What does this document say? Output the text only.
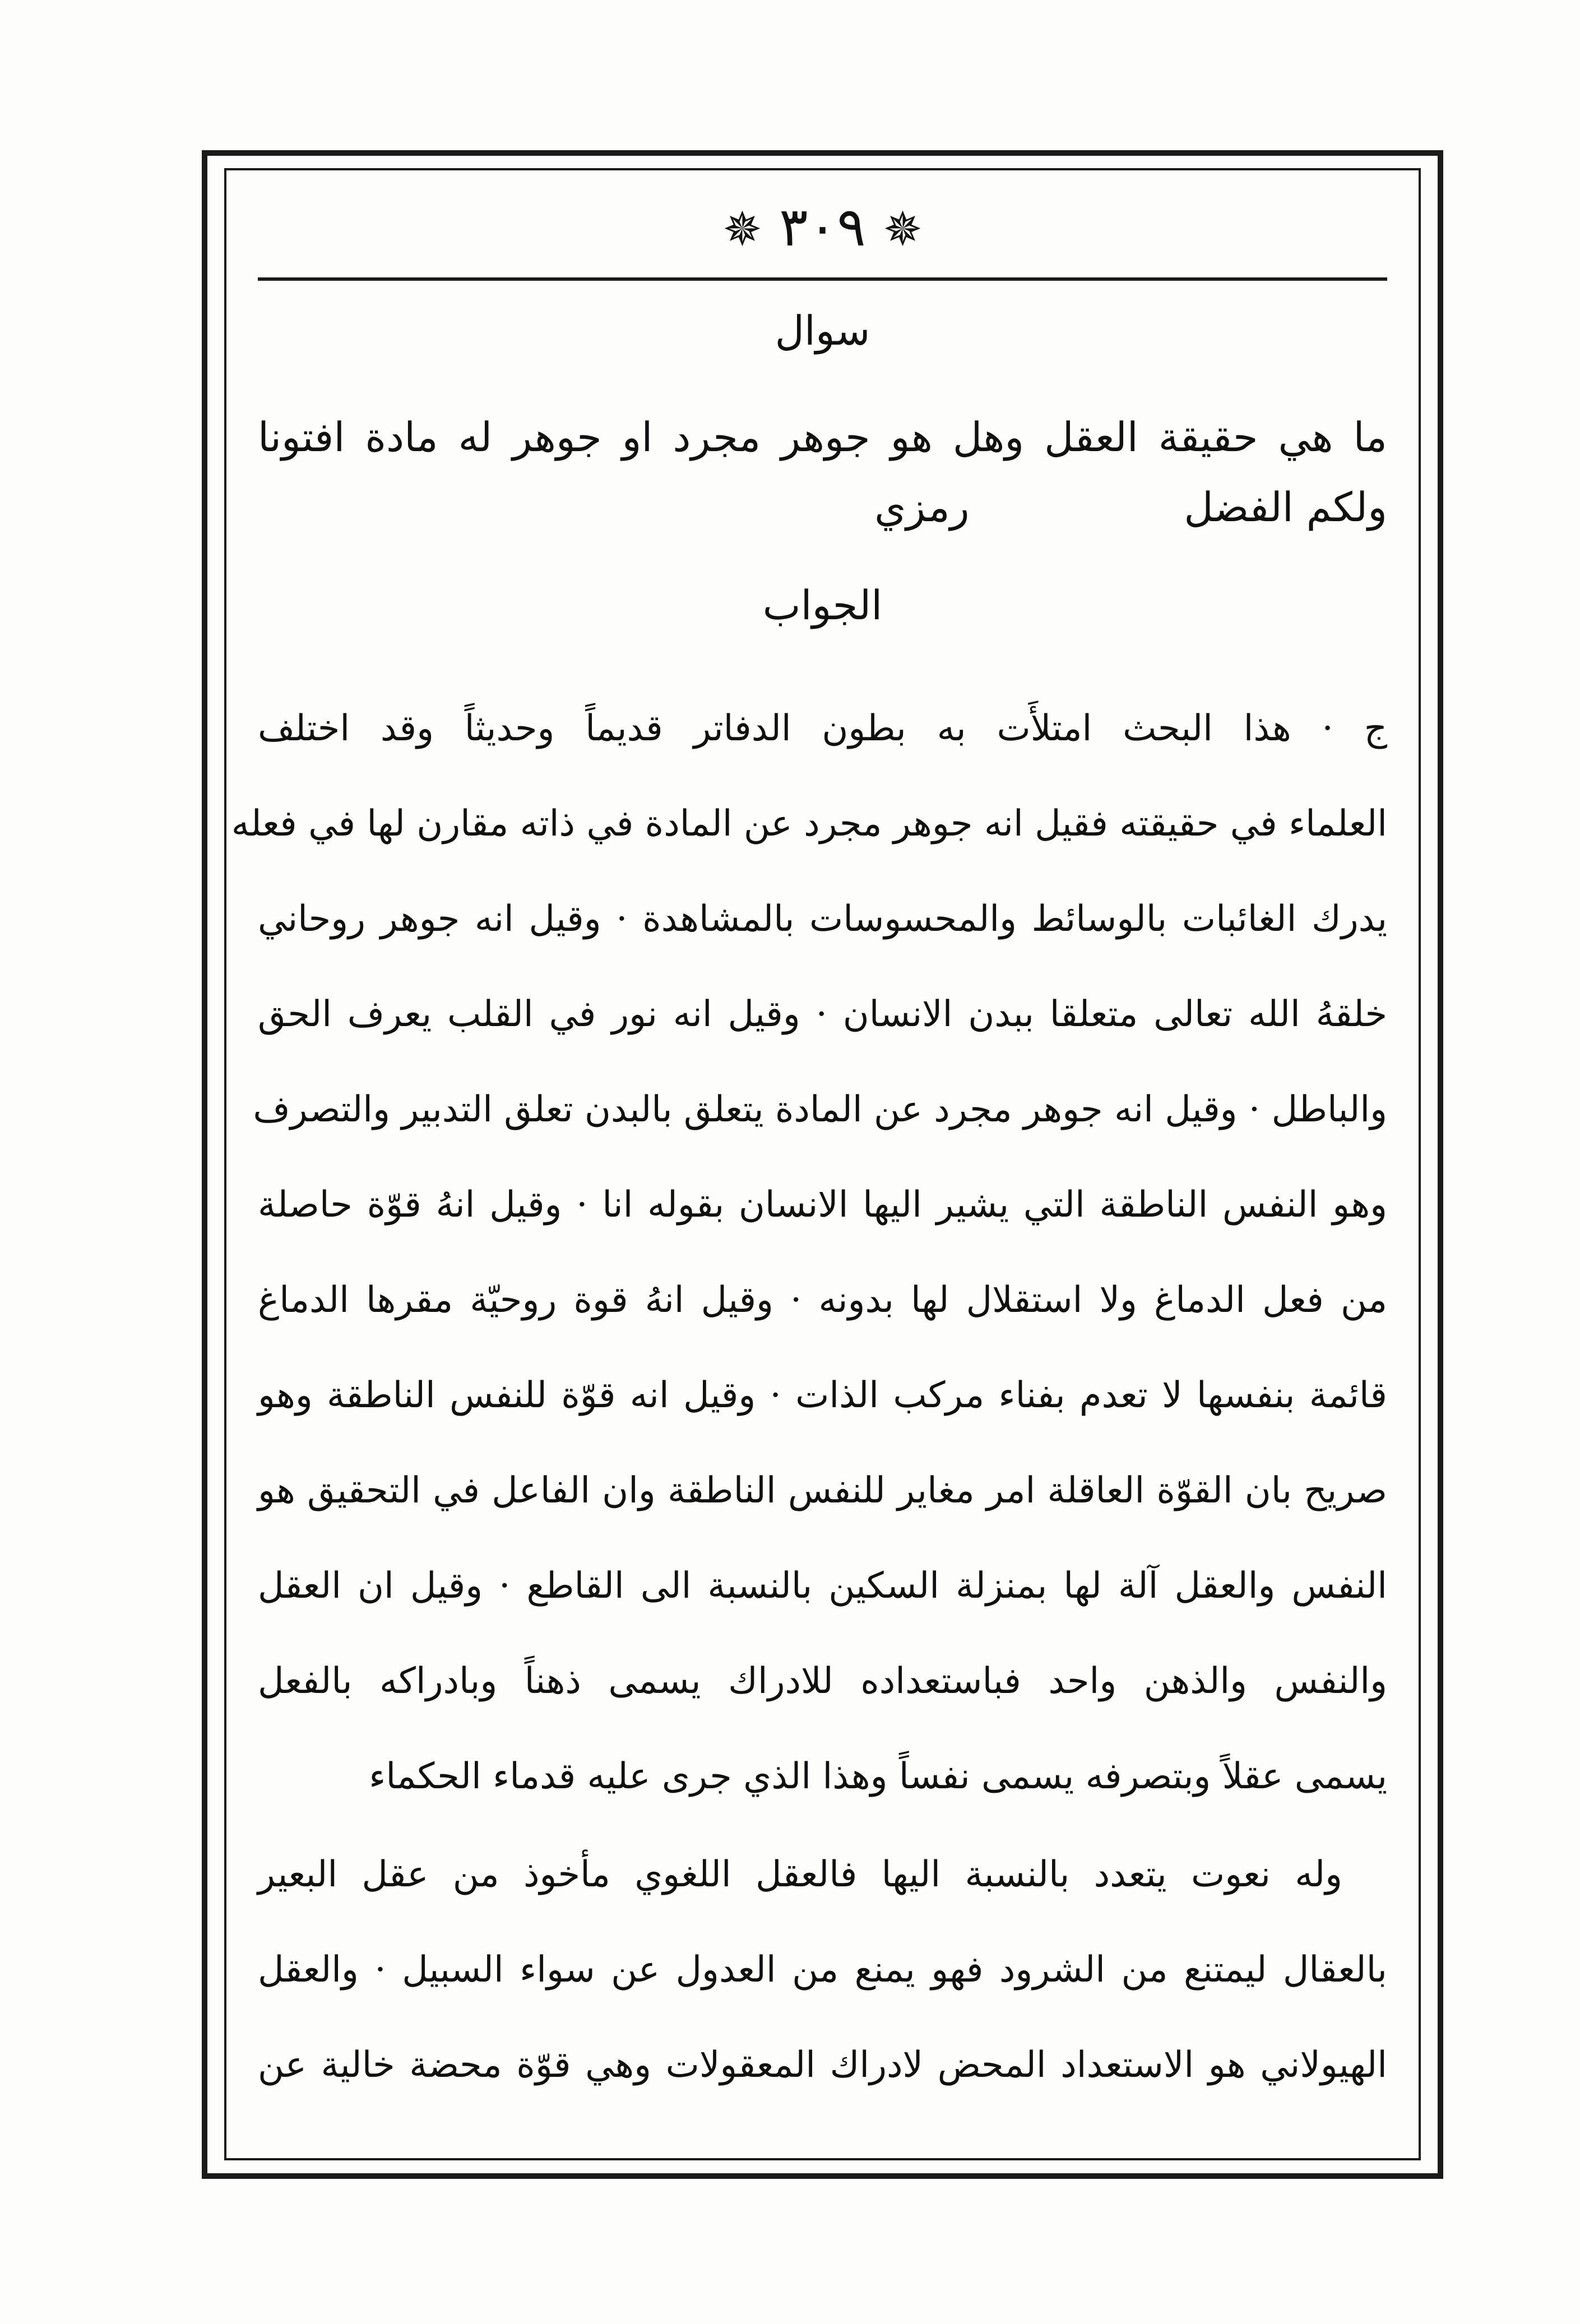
✵ ٣٠٩ ✵
سوال
ما هي حقيقة العقل وهل هو جوهر مجرد او جوهر له مادة افتونا
ولكم الفضل رمزي
الجواب
ج · هذا البحث امتلأَت به بطون الدفاتر قديماً وحديثاً وقد اختلف
العلماء في حقيقته فقيل انه جوهر مجرد عن المادة في ذاته مقارن لها في فعله
يدرك الغائبات بالوسائط والمحسوسات بالمشاهدة · وقيل انه جوهر روحاني
خلقهُ الله تعالى متعلقا ببدن الانسان · وقيل انه نور في القلب يعرف الحق
والباطل · وقيل انه جوهر مجرد عن المادة يتعلق بالبدن تعلق التدبير والتصرف
وهو النفس الناطقة التي يشير اليها الانسان بقوله انا · وقيل انهُ قوّة حاصلة
من فعل الدماغ ولا استقلال لها بدونه · وقيل انهُ قوة روحيّة مقرها الدماغ
قائمة بنفسها لا تعدم بفناء مركب الذات · وقيل انه قوّة للنفس الناطقة وهو
صريح بان القوّة العاقلة امر مغاير للنفس الناطقة وان الفاعل في التحقيق هو
النفس والعقل آلة لها بمنزلة السكين بالنسبة الى القاطع · وقيل ان العقل
والنفس والذهن واحد فباستعداده للادراك يسمى ذهناً وبادراكه بالفعل
يسمى عقلاً وبتصرفه يسمى نفساً وهذا الذي جرى عليه قدماء الحكماء
وله نعوت يتعدد بالنسبة اليها فالعقل اللغوي مأخوذ من عقل البعير
بالعقال ليمتنع من الشرود فهو يمنع من العدول عن سواء السبيل · والعقل
الهيولاني هو الاستعداد المحض لادراك المعقولات وهي قوّة محضة خالية عن
